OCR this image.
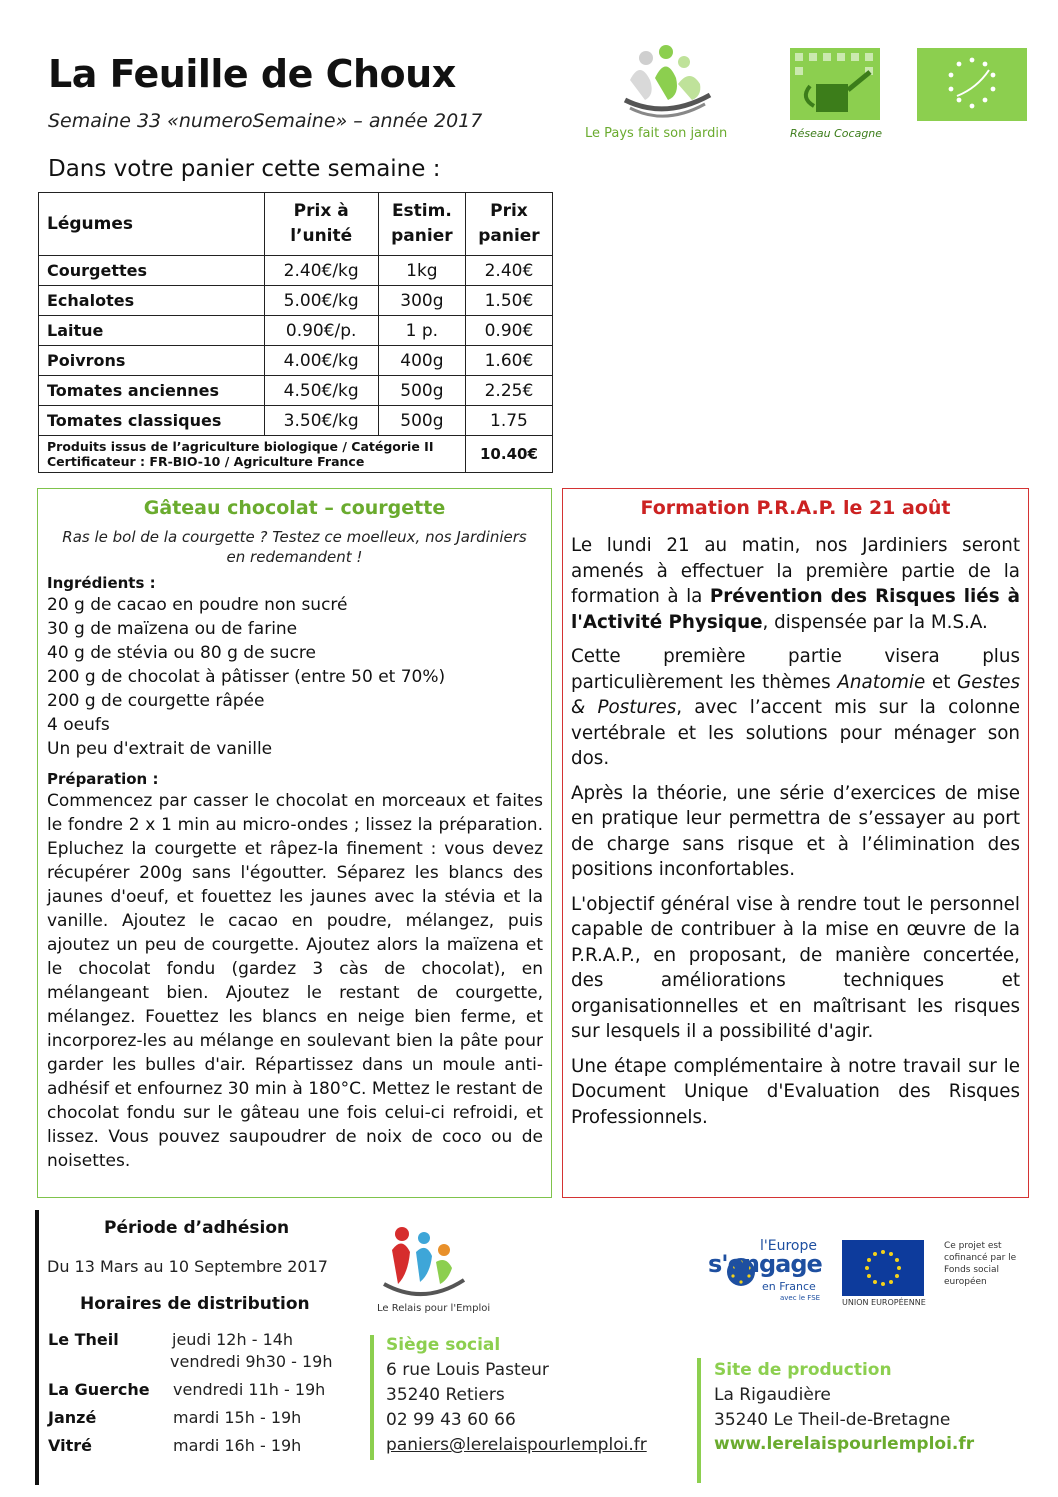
La Feuille de Choux
Semaine 33 «numeroSemaine» – année 2017
Dans votre panier cette semaine :
Le Pays fait son jardin	Réseau Cocagne
Légumes	Prix à l’unité	Estim. panier	Prix panier
Courgettes	2.40€/kg	1kg	2.40€
Echalotes	5.00€/kg	300g	1.50€
Laitue	0.90€/p.	1 p.	0.90€
Poivrons	4.00€/kg	400g	1.60€
Tomates anciennes	4.50€/kg	500g	2.25€
Tomates classiques	3.50€/kg	500g	1.75

Produits issus de l’agriculture biologique / Catégorie II
Certificateur : FR-BIO-10 / Agriculture France			10.40€
Gâteau chocolat – courgette
Ras le bol de la courgette ? Testez ce moelleux, nos Jardiniers en redemandent !
Ingrédients :
20 g de cacao en poudre non sucré
30 g de maïzena ou de farine
40 g de stévia ou 80 g de sucre
200 g de chocolat à pâtisser (entre 50 et 70%)
200 g de courgette râpée
4 oeufs
Un peu d'extrait de vanille
Préparation :
Commencez par casser le chocolat en morceaux et faites le fondre 2 x 1 min au micro-ondes ; lissez la préparation. Epluchez la courgette et râpez-la finement : vous devez récupérer 200g sans l'égoutter. Séparez les blancs des jaunes d'oeuf, et fouettez les jaunes avec la stévia et la vanille. Ajoutez le cacao en poudre, mélangez, puis ajoutez un peu de courgette. Ajoutez alors la maïzena et le chocolat fondu (gardez 3 càs de chocolat), en mélangeant bien. Ajoutez le restant de courgette, mélangez. Fouettez les blancs en neige bien ferme, et incorporez-les au mélange en soulevant bien la pâte pour garder les bulles d'air. Répartissez dans un moule anti-adhésif et enfournez 30 min à 180°C. Mettez le restant de chocolat fondu sur le gâteau une fois celui-ci refroidi, et lissez. Vous pouvez saupoudrer de noix de coco ou de noisettes.
Formation P.R.A.P. le 21 août

Le lundi 21 au matin, nos Jardiniers seront amenés à effectuer la première partie de la formation à la Prévention des Risques liés à l'Activité Physique, dispensée par la M.S.A.

Cette première partie visera plus particulièrement les thèmes Anatomie et Gestes & Postures, avec l’accent mis sur la colonne vertébrale et les solutions pour ménager son dos.

Après la théorie, une série d’exercices de mise en pratique leur permettra de s’essayer au port de charge sans risque et à l’élimination des positions inconfortables.

L'objectif général vise à rendre tout le personnel capable de contribuer à la mise en œuvre de la P.R.A.P., en proposant, de manière concertée, des améliorations techniques et organisationnelles et en maîtrisant les risques sur lesquels il a possibilité d'agir.

Une étape complémentaire à notre travail sur le Document Unique d'Evaluation des Risques Professionnels.

Période d’adhésion
Du 13 Mars au 10 Septembre 2017
Horaires de distribution
Le Theil	jeudi 12h - 14h
vendredi 9h30 - 19h
La Guerche vendredi 11h - 19h
Janzé	mardi 15h - 19h
Vitré	mardi 16h - 19h
Le Relais pour l'Emploi
Siège social
6 rue Louis Pasteur
35240 Retiers
02 99 43 60 66
paniers@lerelaispourlemploi.fr
l'Europe
s'engage
en France
avec le FSE	UNION EUROPÉENNE
Ce projet est cofinancé par le Fonds social européen
Site de production
La Rigaudière
35240 Le Theil-de-Bretagne
www.lerelaispourlemploi.fr
